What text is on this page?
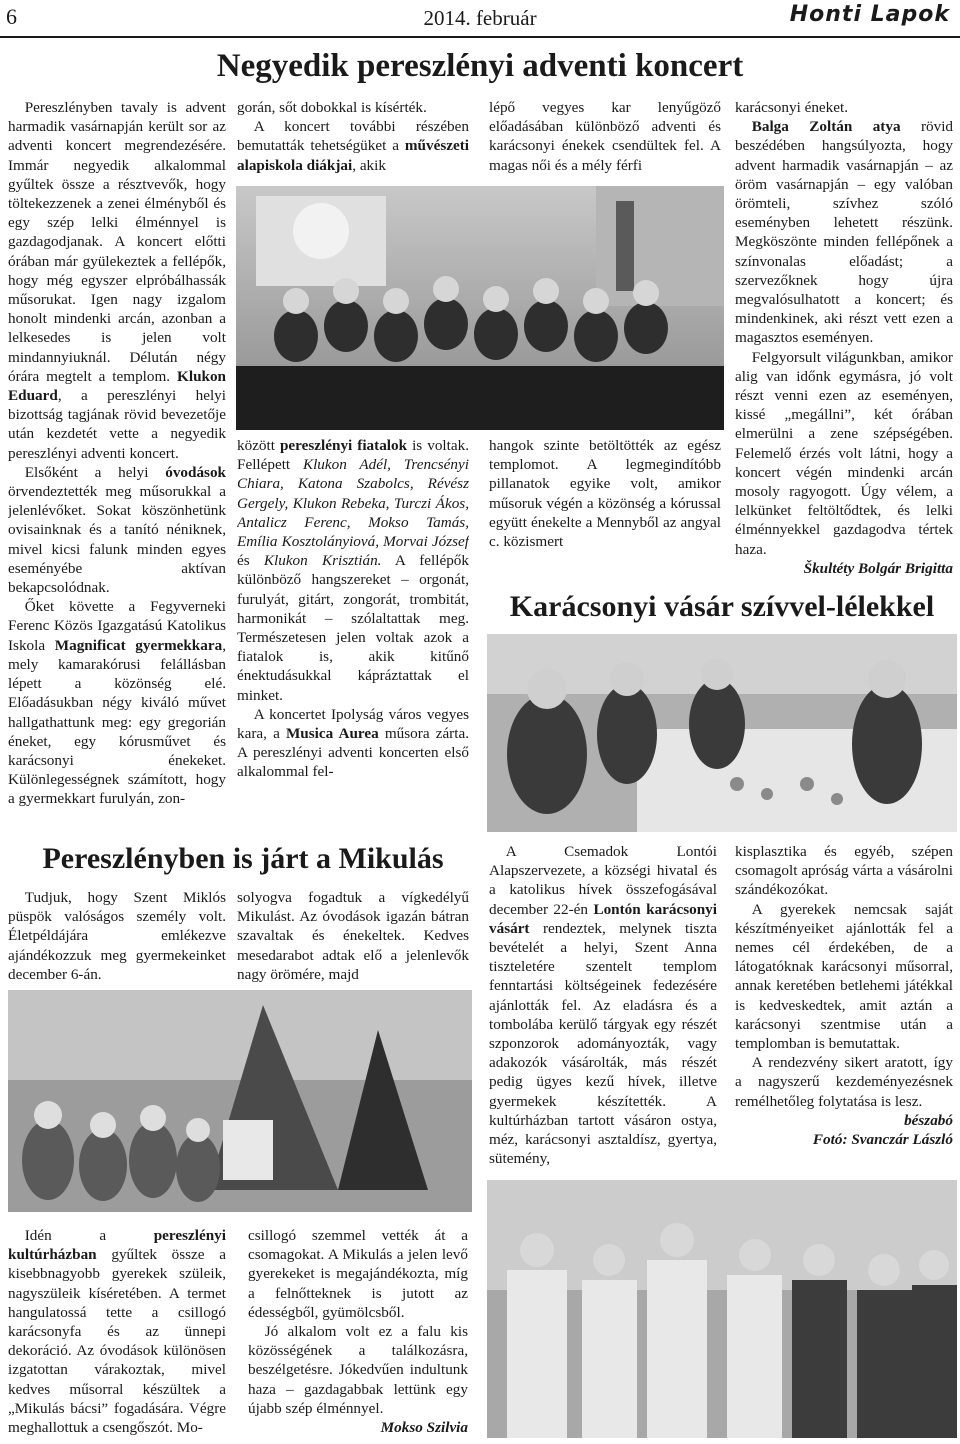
6	2014. február	Honti Lapok
Negyedik pereszlényi adventi koncert

Pereszlényben tavaly is advent harmadik vasárnapján került sor az adventi koncert megrendezésére. Immár negyedik alkalommal gyűltek össze a résztvevők, hogy töltekezzenek a zenei élményből és egy szép lelki élménnyel is gazdagodjanak. A koncert előtti órában már gyülekeztek a fellépők, hogy még egyszer elpróbálhassák műsorukat. Igen nagy izgalom honolt mindenki arcán, azonban a lelkesedes is jelen volt mindannyiuknál. Délután négy órára megtelt a templom. Klukon Eduard, a pereszlényi helyi bizottság tagjának rövid bevezetője után kezdetét vette a negyedik pereszlényi adventi koncert.

Elsőként a helyi óvodások örvendeztették meg műsorukkal a jelenlévőket. Sokat köszönhetünk ovisainknak és a tanító néniknek, mivel kicsi falunk minden egyes eseményébe aktívan bekapcsolódnak.

Őket követte a Fegyverneki Ferenc Közös Igazgatású Katolikus Iskola Magnificat gyermekkara, mely kamarakórusi felállásban lépett a közönség elé. Előadásukban négy kiváló művet hallgathattunk meg: egy gregorián éneket, egy kórusművet és karácsonyi énekeket. Különlegességnek számított, hogy a gyermekkart furulyán, zon-

gorán, sőt dobokkal is kísérték.

A koncert további részében bemutatták tehetségüket a művészeti alapiskola diákjai, akik

lépő vegyes kar lenyűgöző előadásában különböző adventi és karácsonyi énekek csendültek fel. A magas női és a mély férfi

között pereszlényi fiatalok is voltak. Fellépett Klukon Adél, Trencsényi Chiara, Katona Szabolcs, Révész Gergely, Klukon Rebeka, Turczi Ákos, Antalicz Ferenc, Mokso Tamás, Emília Kosztolányiová, Morvai József és Klukon Krisztián. A fellépők különböző hangszereket – orgonát, furulyát, gitárt, zongorát, trombitát, harmonikát – szólaltattak meg. Természetesen jelen voltak azok a fiatalok is, akik kitűnő énektudásukkal kápráztattak el minket.

A koncertet Ipolyság város vegyes kara, a Musica Aurea műsora zárta. A pereszlényi adventi koncerten első alkalommal fel-

hangok szinte betöltötték az egész templomot. A legmegindítóbb pillanatok egyike volt, amikor műsoruk végén a közönség a kórussal együtt énekelte a Mennyből az angyal c. közismert

karácsonyi éneket.

Balga Zoltán atya rövid beszédében hangsúlyozta, hogy advent harmadik vasárnapján – az öröm vasárnapján – egy valóban örömteli, szívhez szóló eseményben lehetett részünk. Megköszönte minden fellépőnek a színvonalas előadást; a szervezőknek hogy újra megvalósulhatott a koncert; és mindenkinek, aki részt vett ezen a magasztos eseményen.

Felgyorsult világunkban, amikor alig van időnk egymásra, jó volt részt venni ezen az eseményen, kissé „megállni”, két órában elmerülni a zene szépségében. Felemelő érzés volt látni, hogy a koncert végén mindenki arcán mosoly ragyogott. Úgy vélem, a lelkünket feltöltődtek, és lelki élménnyekkel gazdagodva tértek haza.

Škultéty Bolgár Brigitta

Karácsonyi vásár szívvel-lélekkel
Pereszlényben is járt a Mikulás

Tudjuk, hogy Szent Miklós püspök valóságos személy volt. Életpéldájára emlékezve ajándékozzuk meg gyermekeinket december 6-án.

solyogva fogadtuk a vígkedélyű Mikulást. Az óvodások igazán bátran szavaltak és énekeltek. Kedves mesedarabot adtak elő a jelenlevők nagy örömére, majd

A Csemadok Lontói Alapszervezete, a községi hivatal és a katolikus hívek összefogásával december 22-én Lontón karácsonyi vásárt rendeztek, melynek tiszta bevételét a helyi, Szent Anna tiszteletére szentelt templom fenntartási költségeinek fedezésére ajánlották fel. Az eladásra és a tombolába kerülő tárgyak egy részét szponzorok adományozták, vagy adakozók vásárolták, más részét pedig ügyes kezű hívek, illetve gyermekek készítették. A kultúrházban tartott vásáron ostya, méz, karácsonyi asztaldísz, gyertya, sütemény,

kisplasztika és egyéb, szépen csomagolt apróság várta a vásárolni szándékozókat.

A gyerekek nemcsak saját készítményeiket ajánlották fel a nemes cél érdekében, de a látogatóknak karácsonyi műsorral, annak keretében betlehemi játékkal is kedveskedtek, amit aztán a karácsonyi szentmise után a templomban is bemutattak.

A rendezvény sikert aratott, így a nagyszerű kezdeményezésnek remélhetőleg folytatása is lesz.

bészabó

Fotó: Svanczár László

Idén a pereszlényi kultúrházban gyűltek össze a kisebbnagyobb gyerekek szüleik, nagyszüleik kíséretében. A termet hangulatossá tette a csillogó karácsonyfa és az ünnepi dekoráció. Az óvodások különösen izgatottan várakoztak, mivel kedves műsorral készültek a „Mikulás bácsi” fogadására. Végre meghallottuk a csengőszót. Mo-

csillogó szemmel vették át a csomagokat. A Mikulás a jelen levő gyerekeket is megajándékozta, míg a felnőtteknek is jutott az édességből, gyümölcsből.

Jó alkalom volt ez a falu kis közösségének a találkozásra, beszélgetésre. Jókedvűen indultunk haza – gazdagabbak lettünk egy újabb szép élménnyel.

Mokso Szilvia
